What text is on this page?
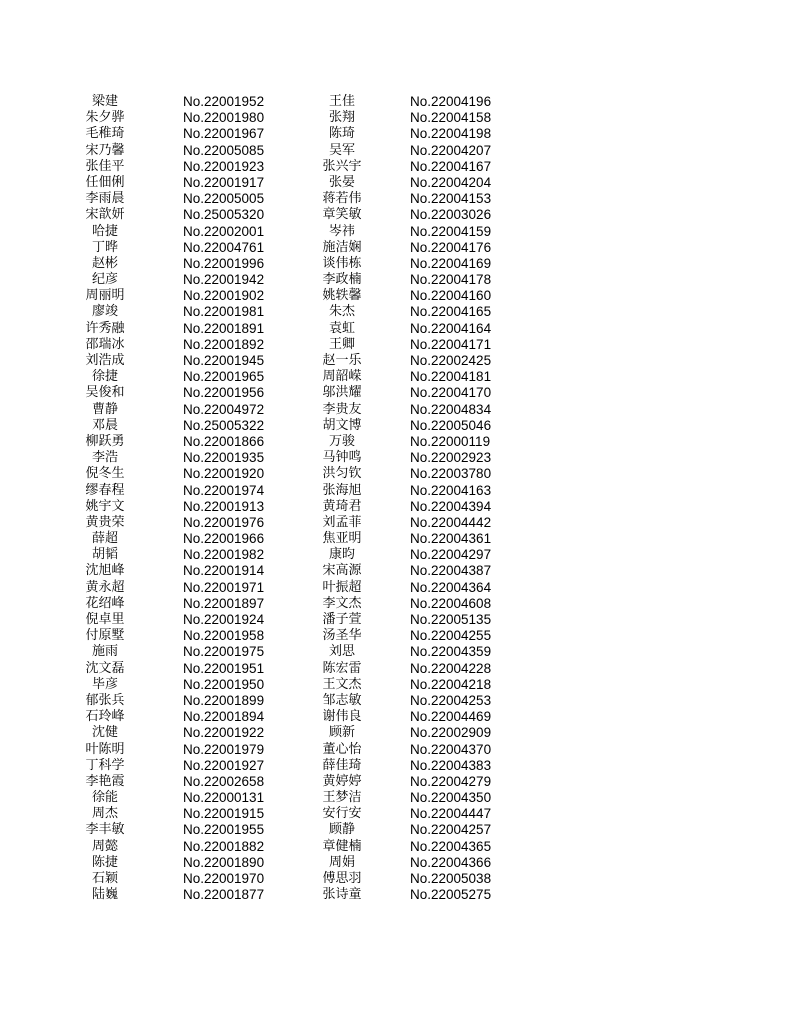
梁建	No.22001952	王佳	No.22004196
朱夕骅	No.22001980	张翔	No.22004158
毛稚琦	No.22001967	陈琦	No.22004198
宋乃馨	No.22005085	吴军	No.22004207
张佳平	No.22001923	张兴宇	No.22004167
任佃俐	No.22001917	张晏	No.22004204
李雨晨	No.22005005	蒋若伟	No.22004153
宋歆妍	No.25005320	章笑敏	No.22003026
哈捷	No.22002001	岑祎	No.22004159
丁晔	No.22004761	施洁娴	No.22004176
赵彬	No.22001996	谈伟栋	No.22004169
纪彦	No.22001942	李政楠	No.22004178
周丽明	No.22001902	姚轶馨	No.22004160
廖竣	No.22001981	朱杰	No.22004165
许秀融	No.22001891	袁虹	No.22004164
邵瑞冰	No.22001892	王卿	No.22004171
刘浩成	No.22001945	赵一乐	No.22002425
徐捷	No.22001965	周韶嵘	No.22004181
吴俊和	No.22001956	邬洪耀	No.22004170
曹静	No.22004972	李贵友	No.22004834
邓晨	No.25005322	胡文博	No.22005046
柳跃勇	No.22001866	万骏	No.22000119
李浩	No.22001935	马钟鸣	No.22002923
倪冬生	No.22001920	洪匀钦	No.22003780
缪春程	No.22001974	张海旭	No.22004163
姚宇文	No.22001913	黄琦君	No.22004394
黄贵荣	No.22001976	刘孟菲	No.22004442
薛超	No.22001966	焦亚明	No.22004361
胡韬	No.22001982	康昀	No.22004297
沈旭峰	No.22001914	宋高源	No.22004387
黄永超	No.22001971	叶振超	No.22004364
花绍峰	No.22001897	李文杰	No.22004608
倪卓里	No.22001924	潘子萱	No.22005135
付原墅	No.22001958	汤圣华	No.22004255
施雨	No.22001975	刘思	No.22004359
沈文磊	No.22001951	陈宏雷	No.22004228
毕彦	No.22001950	王文杰	No.22004218
郁张兵	No.22001899	邹志敏	No.22004253
石玲峰	No.22001894	谢伟良	No.22004469
沈健	No.22001922	顾新	No.22002909
叶陈明	No.22001979	董心怡	No.22004370
丁科学	No.22001927	薛佳琦	No.22004383
李艳霞	No.22002658	黄婷婷	No.22004279
徐能	No.22000131	王梦洁	No.22004350
周杰	No.22001915	安行安	No.22004447
李丰敏	No.22001955	顾静	No.22004257
周懿	No.22001882	章健楠	No.22004365
陈捷	No.22001890	周娟	No.22004366
石颖	No.22001970	傅思羽	No.22005038
陆巍	No.22001877	张诗童	No.22005275
